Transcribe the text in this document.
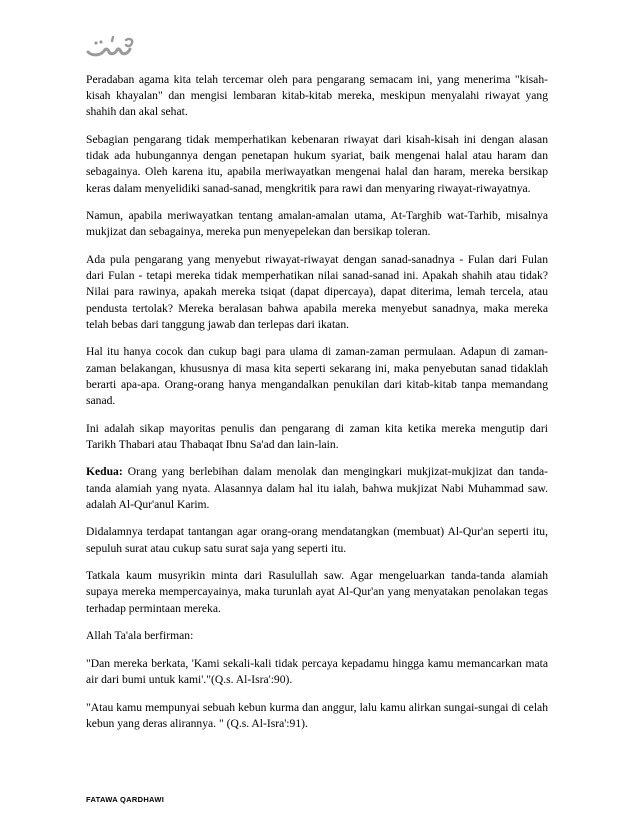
Peradaban agama kita telah tercemar oleh para pengarang semacam ini, yang menerima "kisah-kisah khayalan" dan mengisi lembaran kitab-kitab mereka, meskipun menyalahi riwayat yang shahih dan akal sehat.

Sebagian pengarang tidak memperhatikan kebenaran riwayat dari kisah-kisah ini dengan alasan tidak ada hubungannya dengan penetapan hukum syariat, baik mengenai halal atau haram dan sebagainya. Oleh karena itu, apabila meriwayatkan mengenai halal dan haram, mereka bersikap keras dalam menyelidiki sanad-sanad, mengkritik para rawi dan menyaring riwayat-riwayatnya.

Namun, apabila meriwayatkan tentang amalan-amalan utama, At-Targhib wat-Tarhib, misalnya mukjizat dan sebagainya, mereka pun menyepelekan dan bersikap toleran.

Ada pula pengarang yang menyebut riwayat-riwayat dengan sanad-sanadnya - Fulan dari Fulan dari Fulan - tetapi mereka tidak memperhatikan nilai sanad-sanad ini. Apakah shahih atau tidak? Nilai para rawinya, apakah mereka tsiqat (dapat dipercaya), dapat diterima, lemah tercela, atau pendusta tertolak? Mereka beralasan bahwa apabila mereka menyebut sanadnya, maka mereka telah bebas dari tanggung jawab dan terlepas dari ikatan.

Hal itu hanya cocok dan cukup bagi para ulama di zaman-zaman permulaan. Adapun di zaman-zaman belakangan, khususnya di masa kita seperti sekarang ini, maka penyebutan sanad tidaklah berarti apa-apa. Orang-orang hanya mengandalkan penukilan dari kitab-kitab tanpa memandang sanad.

Ini adalah sikap mayoritas penulis dan pengarang di zaman kita ketika mereka mengutip dari Tarikh Thabari atau Thabaqat Ibnu Sa'ad dan lain-lain.

Kedua: Orang yang berlebihan dalam menolak dan mengingkari mukjizat-mukjizat dan tanda-tanda alamiah yang nyata. Alasannya dalam hal itu ialah, bahwa mukjizat Nabi Muhammad saw. adalah Al-Qur'anul Karim.

Didalamnya terdapat tantangan agar orang-orang mendatangkan (membuat) Al-Qur'an seperti itu, sepuluh surat atau cukup satu surat saja yang seperti itu.

Tatkala kaum musyrikin minta dari Rasulullah saw. Agar mengeluarkan tanda-tanda alamiah supaya mereka mempercayainya, maka turunlah ayat Al-Qur'an yang menyatakan penolakan tegas terhadap permintaan mereka.

Allah Ta'ala berfirman:

"Dan mereka berkata, 'Kami sekali-kali tidak percaya kepadamu hingga kamu memancarkan mata air dari bumi untuk kami'."(Q.s. Al-Isra':90).

"Atau kamu mempunyai sebuah kebun kurma dan anggur, lalu kamu alirkan sungai-sungai di celah kebun yang deras alirannya. " (Q.s. Al-Isra':91).

FATAWA QARDHAWI
